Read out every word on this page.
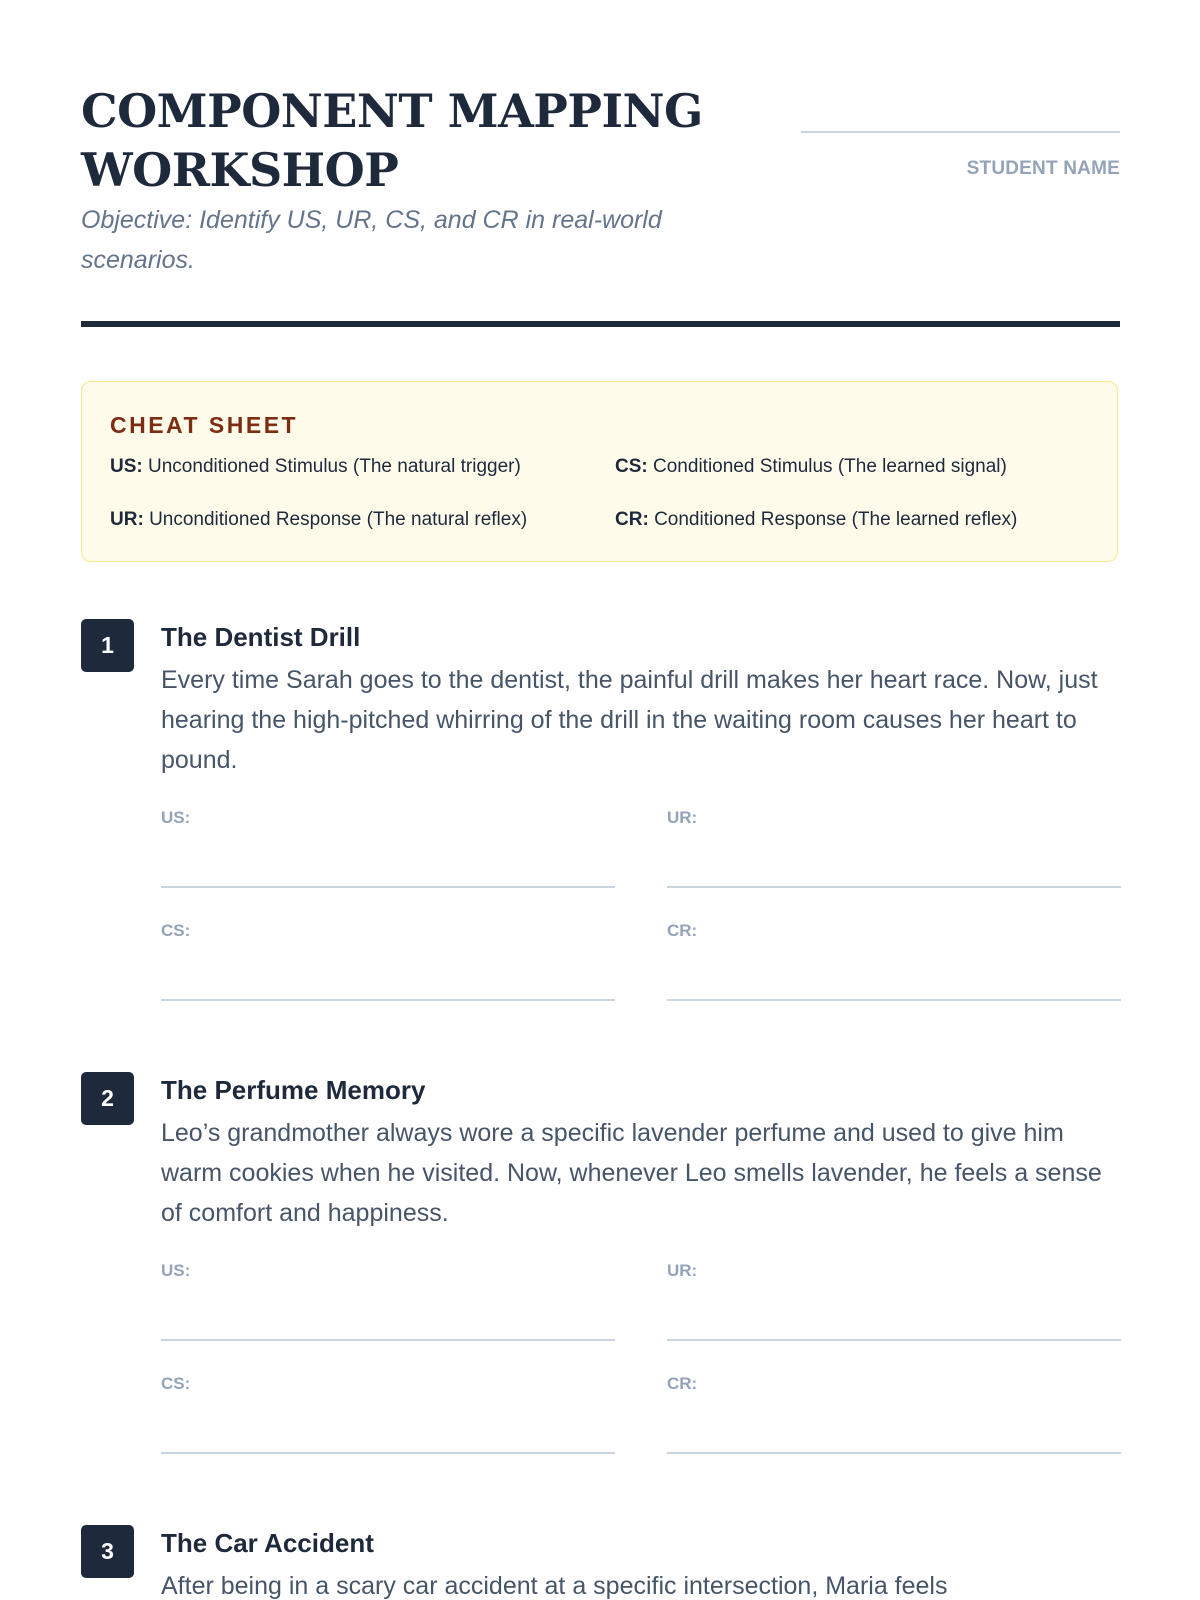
COMPONENT MAPPING WORKSHOP

Objective: Identify US, UR, CS, and CR in real-world scenarios.

STUDENT NAME
CHEAT SHEET
US: Unconditioned Stimulus (The natural trigger)	CS: Conditioned Stimulus (The learned signal)
UR: Unconditioned Response (The natural reflex)	CR: Conditioned Response (The learned reflex)
1	The Dentist Drill

Every time Sarah goes to the dentist, the painful drill makes her heart race. Now, just hearing the high-pitched whirring of the drill in the waiting room causes her heart to pound.

US:	UR:
CS:	CR:
2	The Perfume Memory

Leo’s grandmother always wore a specific lavender perfume and used to give him warm cookies when he visited. Now, whenever Leo smells lavender, he feels a sense of comfort and happiness.

US:	UR:
CS:	CR:
3	The Car Accident

After being in a scary car accident at a specific intersection, Maria feels
